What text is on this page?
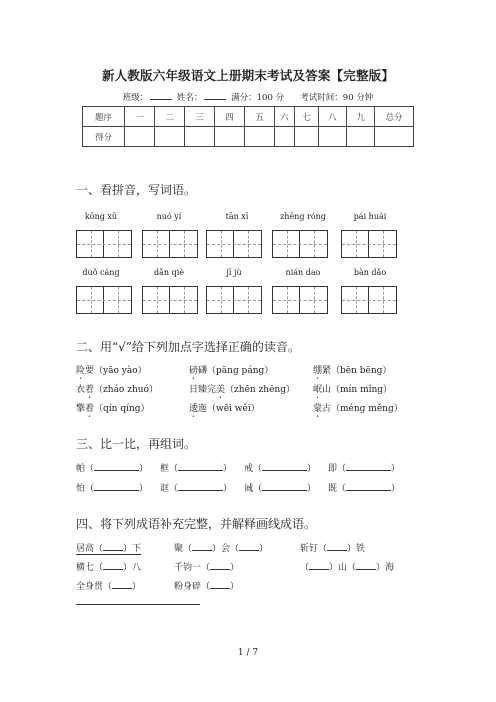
新人教版六年级语文上册期末考试及答案【完整版】
班级：	姓名：	满分：100 分 考试时间：90 分钟
题序	一	二	三	四	五	六	七	八	九	总分
得分										
一、看拼音，写词语。
kōng xū	nuó yí	tān xī	zhēng róng	pái huái
duǒ cáng	dǎn qiè	jī jù	nián dao	bàn dǎo
二、用“√”给下列加点字选择正确的读音。
险要（yāo yào）	磅礴（pāng páng）	绷紧（bēn bēng）
衣着（zháo zhuó）	日臻完美（zhēn zhēng） 岷山（mín mǐng）
擎着（qín qíng）	逶迤（wēi wěi）	蒙古（méng měng）
三、比一比，再组词。
帕（	） 框（	） 戒（	） 即（	）
怕（	） 诓（	） 诫（	） 既（	）
四、将下列成语补充完整，并解释画线成语。
居高（ ）下	聚（ ）会（ ）	斩钉（ ）铁
横七（ ）八	千钧一（ ）	（ ）山（ ）海
全身贯（ ）	粉身碎（ ）
1 / 7
